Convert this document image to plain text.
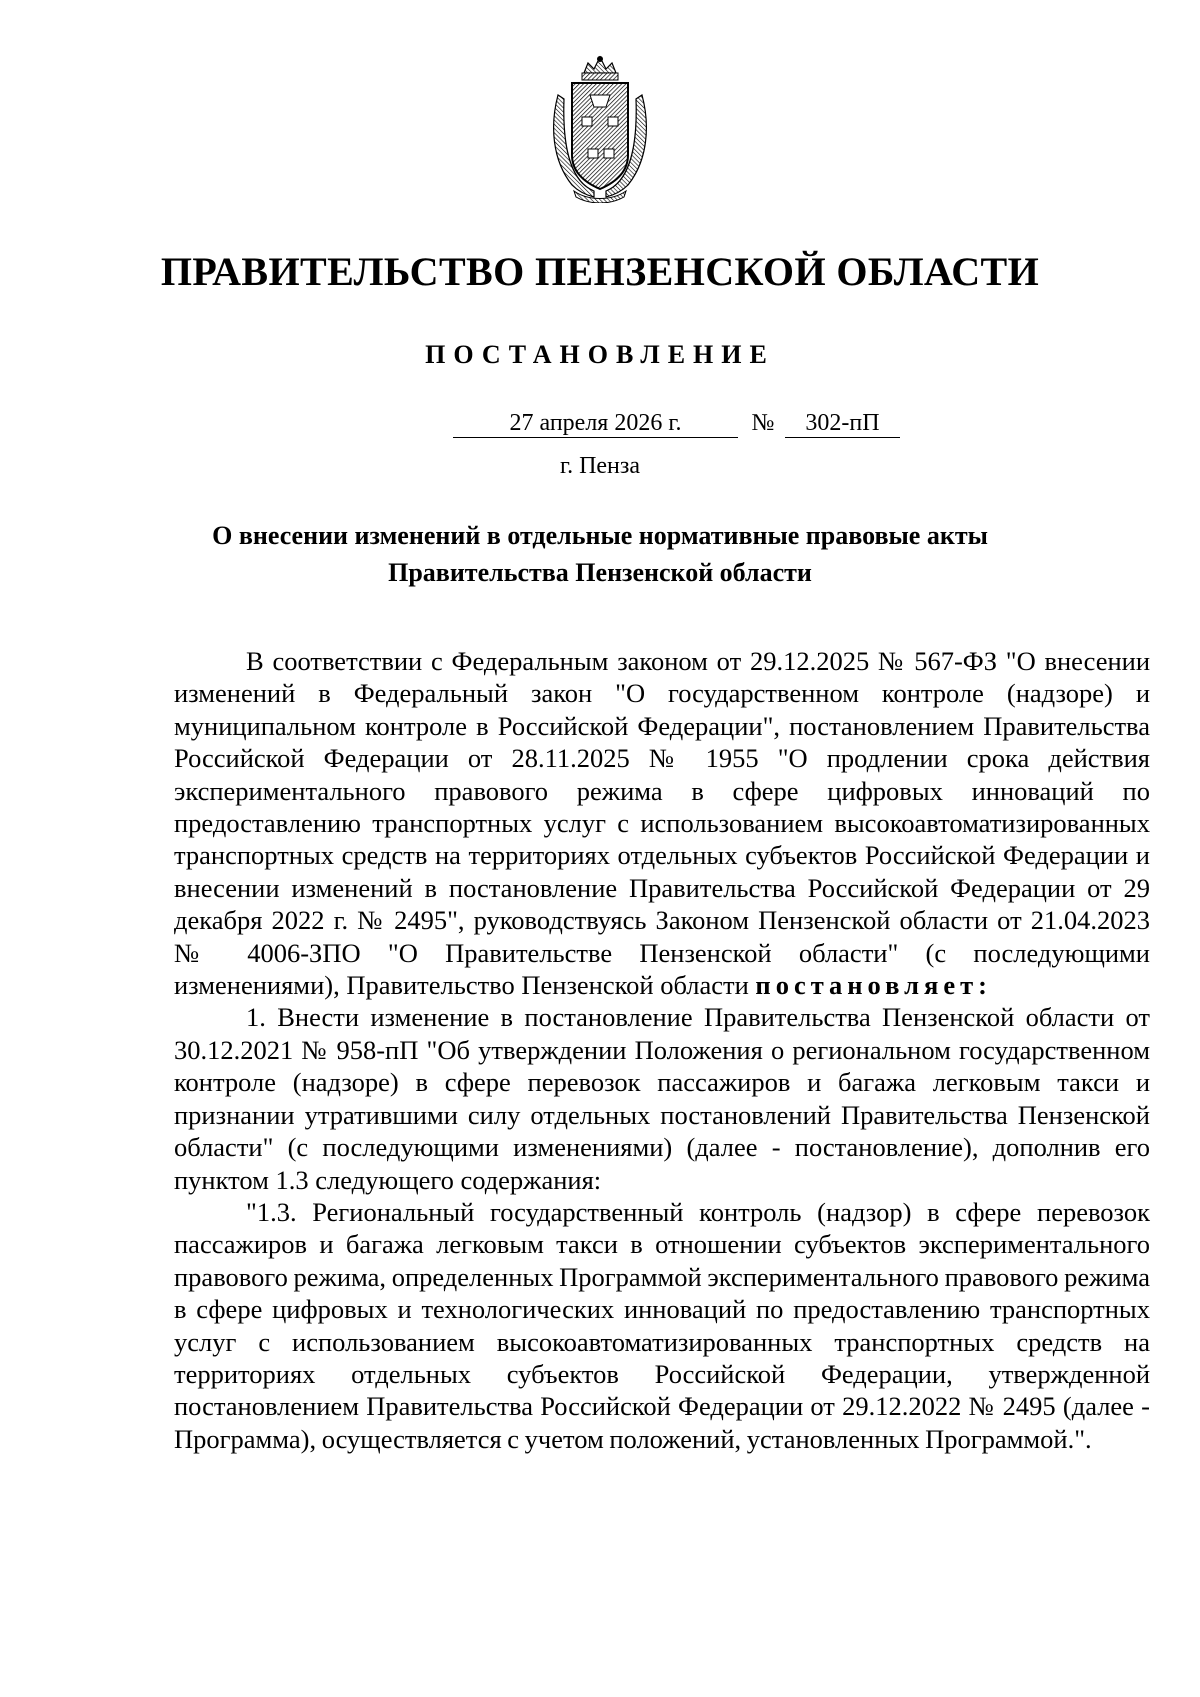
ПРАВИТЕЛЬСТВО ПЕНЗЕНСКОЙ ОБЛАСТИ
ПОСТАНОВЛЕНИЕ
27 апреля 2026 г.	№	302-пП
г. Пенза
О внесении изменений в отдельные нормативные правовые акты
Правительства Пензенской области

В соответствии с Федеральным законом от 29.12.2025 № 567-ФЗ "О внесении изменений в Федеральный закон "О государственном контроле (надзоре) и муниципальном контроле в Российской Федерации", постановлением Правительства Российской Федерации от 28.11.2025 № 1955 "О продлении срока действия экспериментального правового режима в сфере цифровых инноваций по предоставлению транспортных услуг с использованием высокоавтоматизированных транспортных средств на территориях отдельных субъектов Российской Федерации и внесении изменений в постановление Правительства Российской Федерации от 29 декабря 2022 г. № 2495", руководствуясь Законом Пензенской области от 21.04.2023 № 4006-ЗПО "О Правительстве Пензенской области" (с последующими изменениями), Правительство Пензенской области постановляет:

1. Внести изменение в постановление Правительства Пензенской области от 30.12.2021 № 958-пП "Об утверждении Положения о региональном государственном контроле (надзоре) в сфере перевозок пассажиров и багажа легковым такси и признании утратившими силу отдельных постановлений Правительства Пензенской области" (с последующими изменениями) (далее - постановление), дополнив его пунктом 1.3 следующего содержания:

"1.3. Региональный государственный контроль (надзор) в сфере перевозок пассажиров и багажа легковым такси в отношении субъектов экспериментального правового режима, определенных Программой экспериментального правового режима в сфере цифровых и технологических инноваций по предоставлению транспортных услуг с использованием высокоавтоматизированных транспортных средств на территориях отдельных субъектов Российской Федерации, утвержденной постановлением Правительства Российской Федерации от 29.12.2022 № 2495 (далее - Программа), осуществляется с учетом положений, установленных Программой.".
